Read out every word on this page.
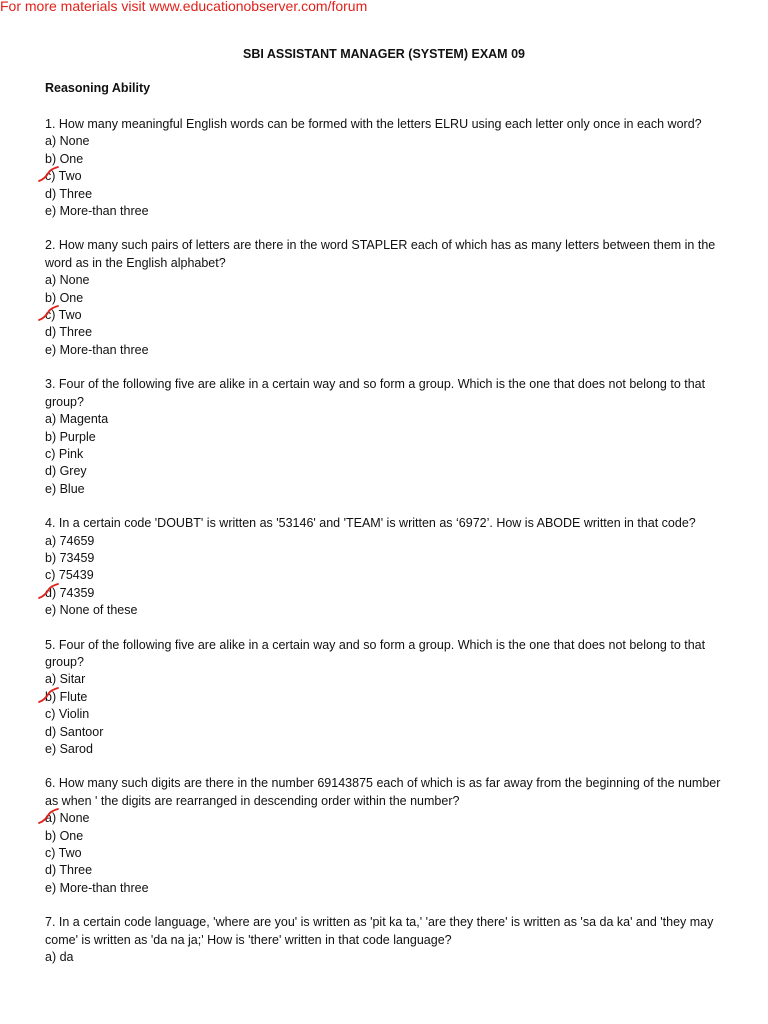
For more materials visit www.educationobserver.com/forum
SBI ASSISTANT MANAGER (SYSTEM) EXAM 09
Reasoning Ability
1. How many meaningful English words can be formed with the letters ELRU using each letter only once in each word?
a) None
b) One
c) Two
d) Three
e) More-than three
2. How many such pairs of letters are there in the word STAPLER each of which has as many letters between them in the word as in the English alphabet?
a) None
b) One
c) Two
d) Three
e) More-than three
3. Four of the following five are alike in a certain way and so form a group. Which is the one that does not belong to that group?
a) Magenta
b) Purple
c) Pink
d) Grey
e) Blue
4. In a certain code 'DOUBT' is written as '53146' and 'TEAM' is written as ‘6972’. How is ABODE written in that code?
a) 74659
b) 73459
c) 75439
d) 74359
e) None of these
5. Four of the following five are alike in a certain way and so form a group. Which is the one that does not belong to that group?
a) Sitar
b) Flute
c) Violin
d) Santoor
e) Sarod
6. How many such digits are there in the number 69143875 each of which is as far away from the beginning of the number as when ' the digits are rearranged in descending order within the number?
a) None
b) One
c) Two
d) Three
e) More-than three
7. In a certain code language, 'where are you' is written as 'pit ka ta,' 'are they there' is written as 'sa da ka' and 'they may come' is written as 'da na ja;' How is 'there' written in that code language?
a) da
